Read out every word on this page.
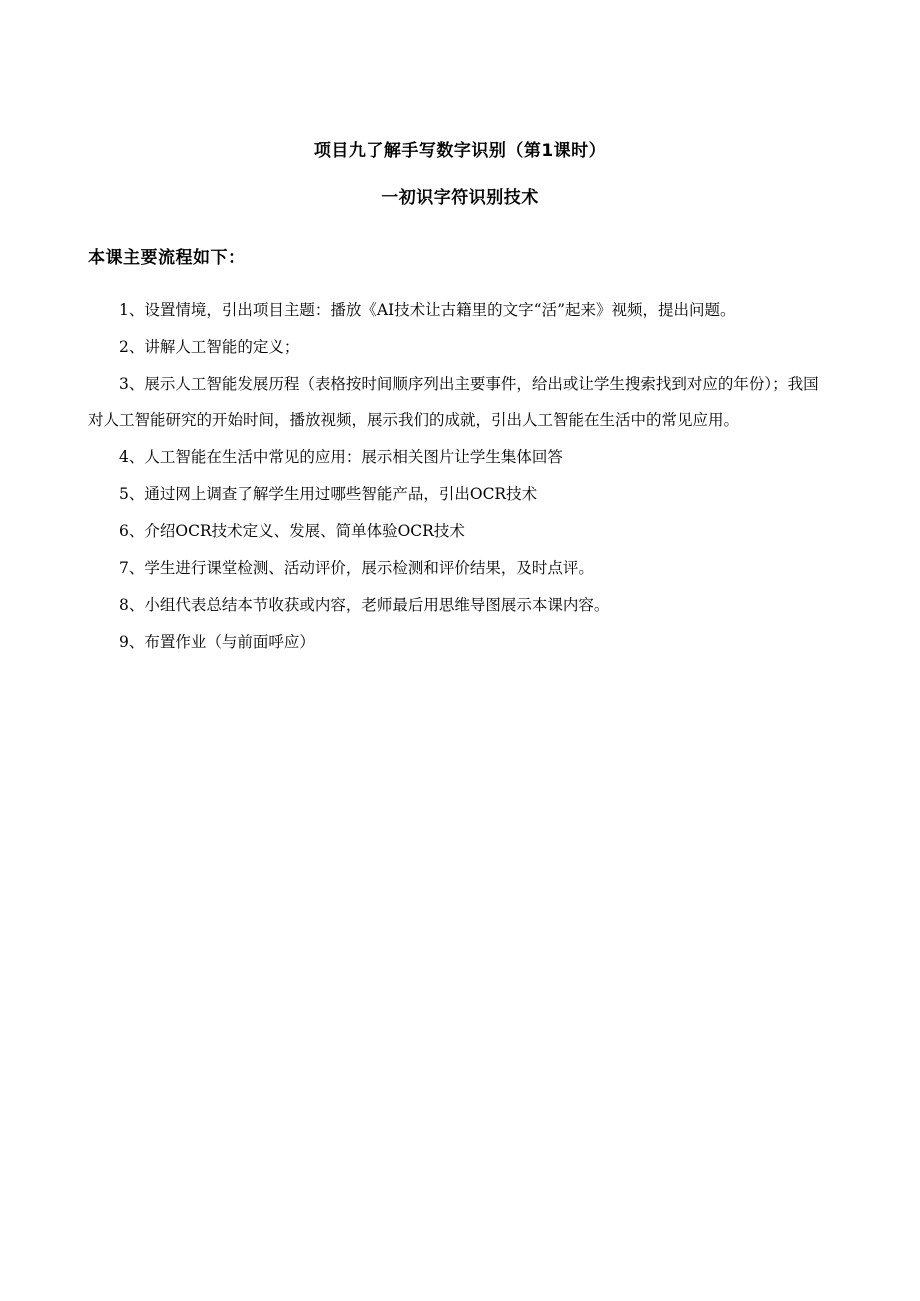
项目九了解手写数字识别（第1课时）
一初识字符识别技术
本课主要流程如下：
1、设置情境，引出项目主题：播放《AI技术让古籍里的文字“活”起来》视频，提出问题。
2、讲解人工智能的定义；
3、展示人工智能发展历程（表格按时间顺序列出主要事件，给出或让学生搜索找到对应的年份）；我国对人工智能研究的开始时间，播放视频，展示我们的成就，引出人工智能在生活中的常见应用。
4、人工智能在生活中常见的应用：展示相关图片让学生集体回答
5、通过网上调查了解学生用过哪些智能产品，引出OCR技术
6、介绍OCR技术定义、发展、简单体验OCR技术
7、学生进行课堂检测、活动评价，展示检测和评价结果，及时点评。
8、小组代表总结本节收获或内容，老师最后用思维导图展示本课内容。
9、布置作业（与前面呼应）
